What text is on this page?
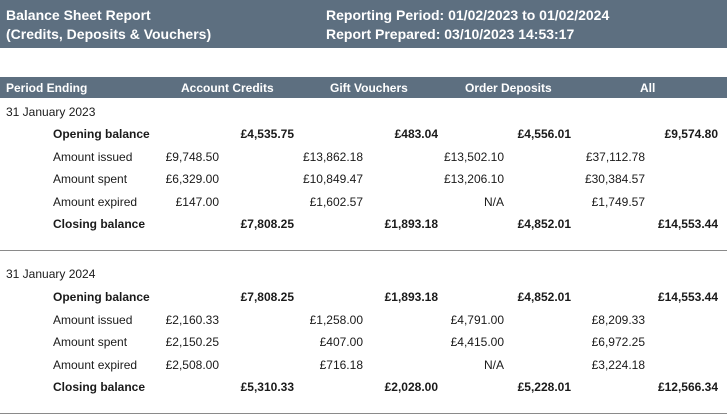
Balance Sheet Report
(Credits, Deposits & Vouchers)
Reporting Period: 01/02/2023 to 01/02/2024
Report Prepared: 03/10/2023 14:53:17
Period Ending	Account Credits	Gift Vouchers	Order Deposits	All
31 January 2023
Opening balance	£4,535.75	£483.04	£4,556.01	£9,574.80
Amount issued	£9,748.50	£13,862.18	£13,502.10	£37,112.78
Amount spent	£6,329.00	£10,849.47	£13,206.10	£30,384.57
Amount expired	£147.00	£1,602.57	N/A	£1,749.57
Closing balance	£7,808.25	£1,893.18	£4,852.01	£14,553.44
31 January 2024
Opening balance	£7,808.25	£1,893.18	£4,852.01	£14,553.44
Amount issued	£2,160.33	£1,258.00	£4,791.00	£8,209.33
Amount spent	£2,150.25	£407.00	£4,415.00	£6,972.25
Amount expired £2,508.00	£716.18	N/A	£3,224.18
Closing balance	£5,310.33	£2,028.00	£5,228.01	£12,566.34
